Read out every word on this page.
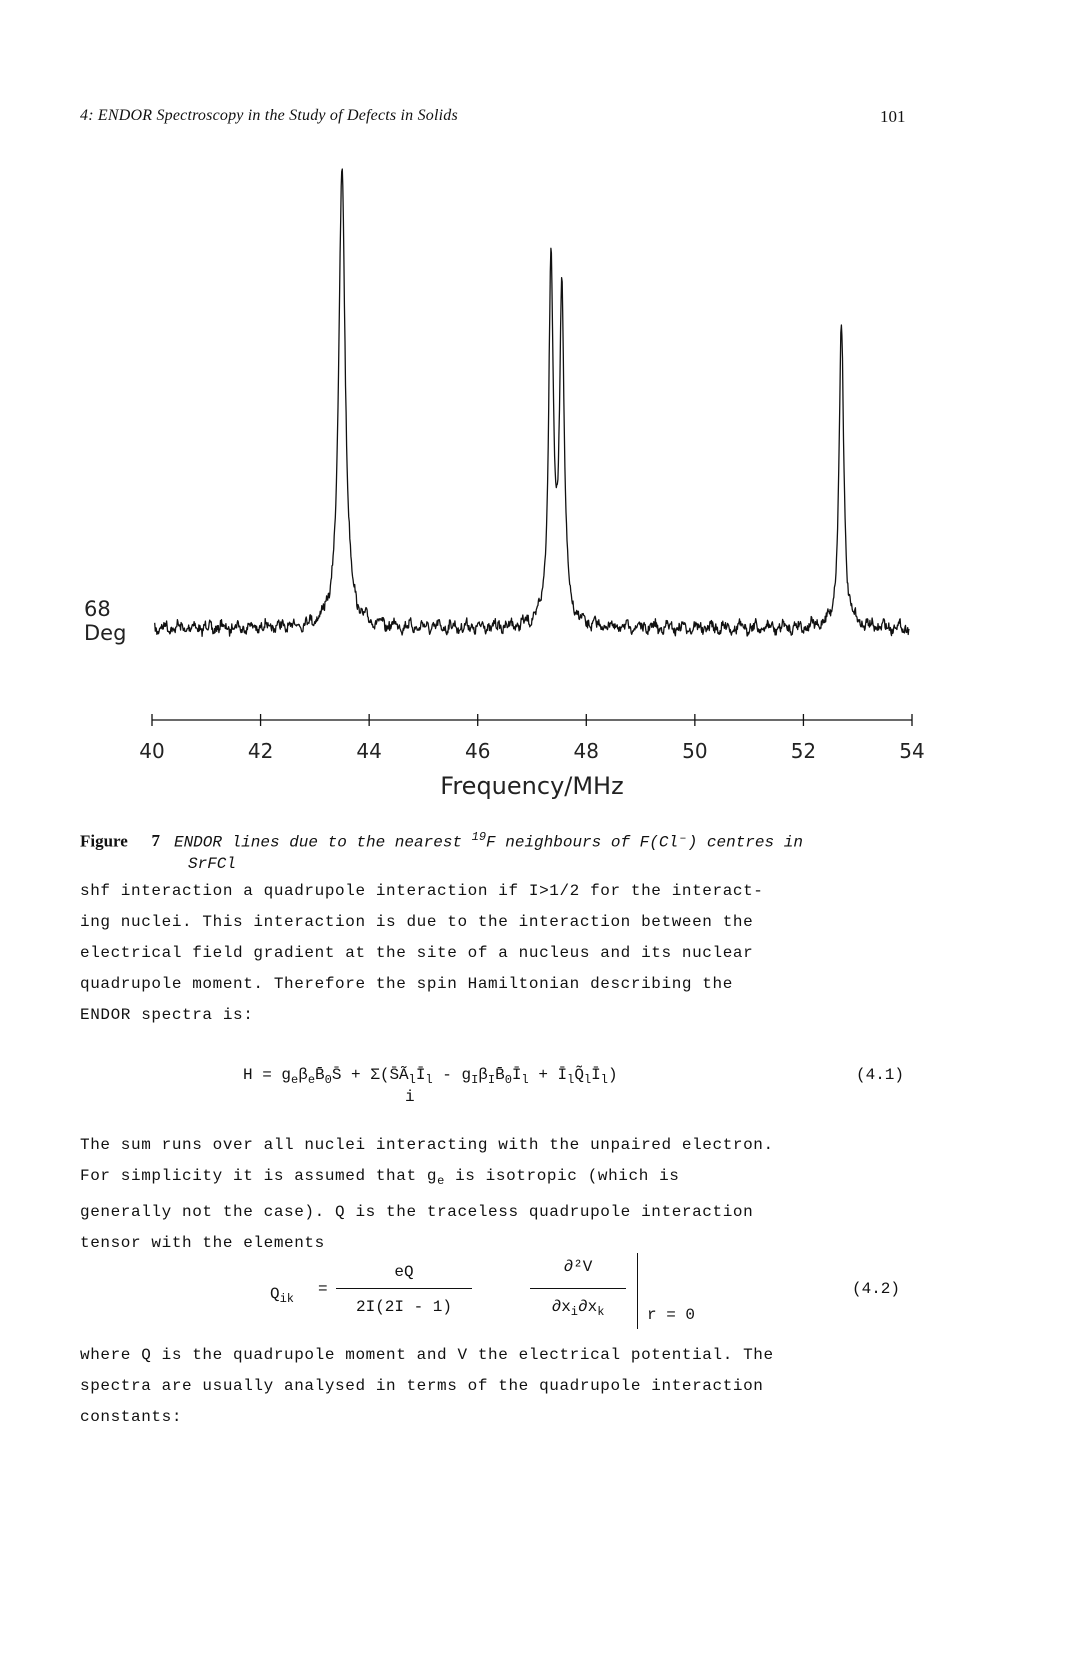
4: ENDOR Spectroscopy in the Study of Defects in Solids	101
68
Deg
40	42	44	46	48	50	52	54
Frequency/MHz
Figure 7 ENDOR lines due to the nearest $^{19}$F neighbours of F(Cl⁻) centres in
SrFCl
shf interaction a quadrupole interaction if I>1/2 for the interact-
ing nuclei. This interaction is due to the interaction between the
electrical field gradient at the site of a nucleus and its nuclear
quadrupole moment. Therefore the spin Hamiltonian describing the
ENDOR spectra is:
$H = g_e\beta_eB̄_0S̄$ + $\Sigma(S̄Ã_lĪ_l$ - $g_I\beta_IB̄_0Ī_l$ + $Ī_lQ̃_lĪ_l$)
i
(4.1)
The sum runs over all nuclei interacting with the unpaired electron.
For simplicity it is assumed that $g_e$ is isotropic (which is
generally not the case). Q is the traceless quadrupole interaction
tensor with the elements
$Q_{ik}$
=
eQ
2I(2I - 1)
∂²V
$\partial x_i\partial x_k$	r = 0
(4.2)
where Q is the quadrupole moment and V the electrical potential. The
spectra are usually analysed in terms of the quadrupole interaction
constants:
